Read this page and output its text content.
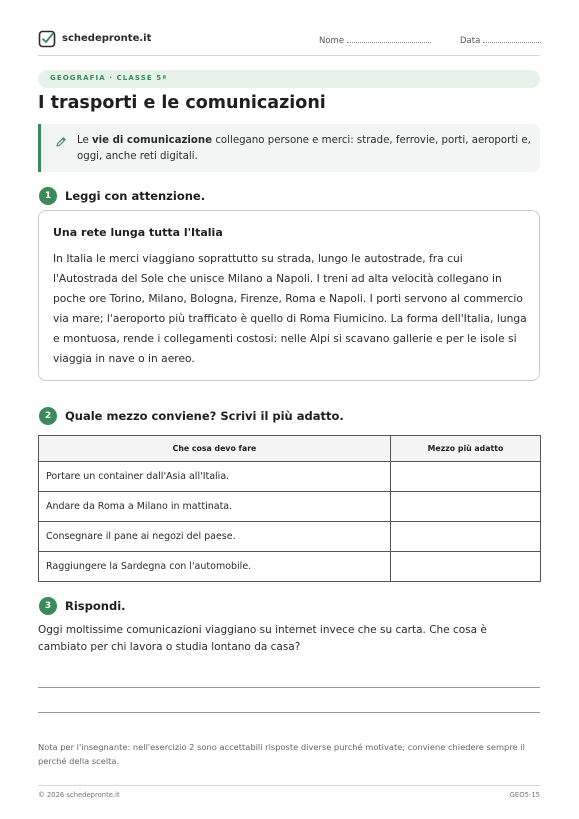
schedepronte.it	Nome	Data
GEOGRAFIA · CLASSE 5ª
I trasporti e le comunicazioni
Le vie di comunicazione collegano persone e merci: strade, ferrovie, porti, aeroporti e, oggi, anche reti digitali.
1	Leggi con attenzione.
Una rete lunga tutta l'Italia
In Italia le merci viaggiano soprattutto su strada, lungo le autostrade, fra cui l'Autostrada del Sole che unisce Milano a Napoli. I treni ad alta velocità collegano in poche ore Torino, Milano, Bologna, Firenze, Roma e Napoli. I porti servono al commercio via mare; l'aeroporto più trafficato è quello di Roma Fiumicino. La forma dell'Italia, lunga e montuosa, rende i collegamenti costosi: nelle Alpi si scavano gallerie e per le isole si viaggia in nave o in aereo.
2	Quale mezzo conviene? Scrivi il più adatto.
Che cosa devo fare	Mezzo più adatto
Portare un container dall'Asia all'Italia.	
Andare da Roma a Milano in mattinata.	
Consegnare il pane ai negozi del paese.	
Raggiungere la Sardegna con l'automobile.	
3	Rispondi.
Oggi moltissime comunicazioni viaggiano su internet invece che su carta. Che cosa è cambiato per chi lavora o studia lontano da casa?
Nota per l'insegnante: nell'esercizio 2 sono accettabili risposte diverse purché motivate; conviene chiedere sempre il perché della scelta.
© 2026 schedepronte.it	GEO5-15
